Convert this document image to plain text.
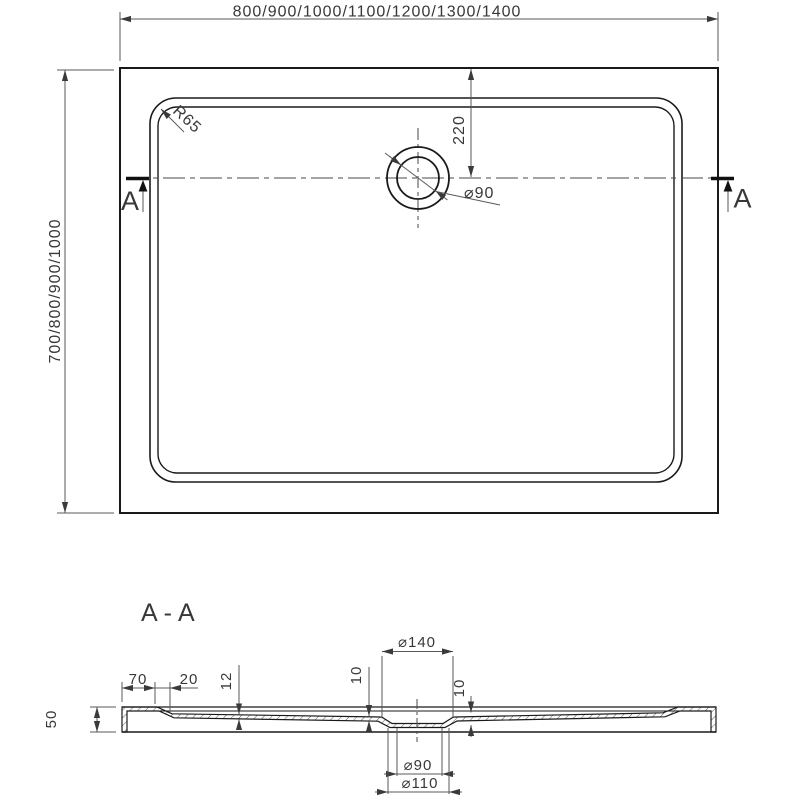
800/900/1000/1100/1200/1300/1400
700/800/900/1000
220
⌀90
R65
A	A
A-A
50
70 20 12	10
10
⌀140
⌀90
⌀110
